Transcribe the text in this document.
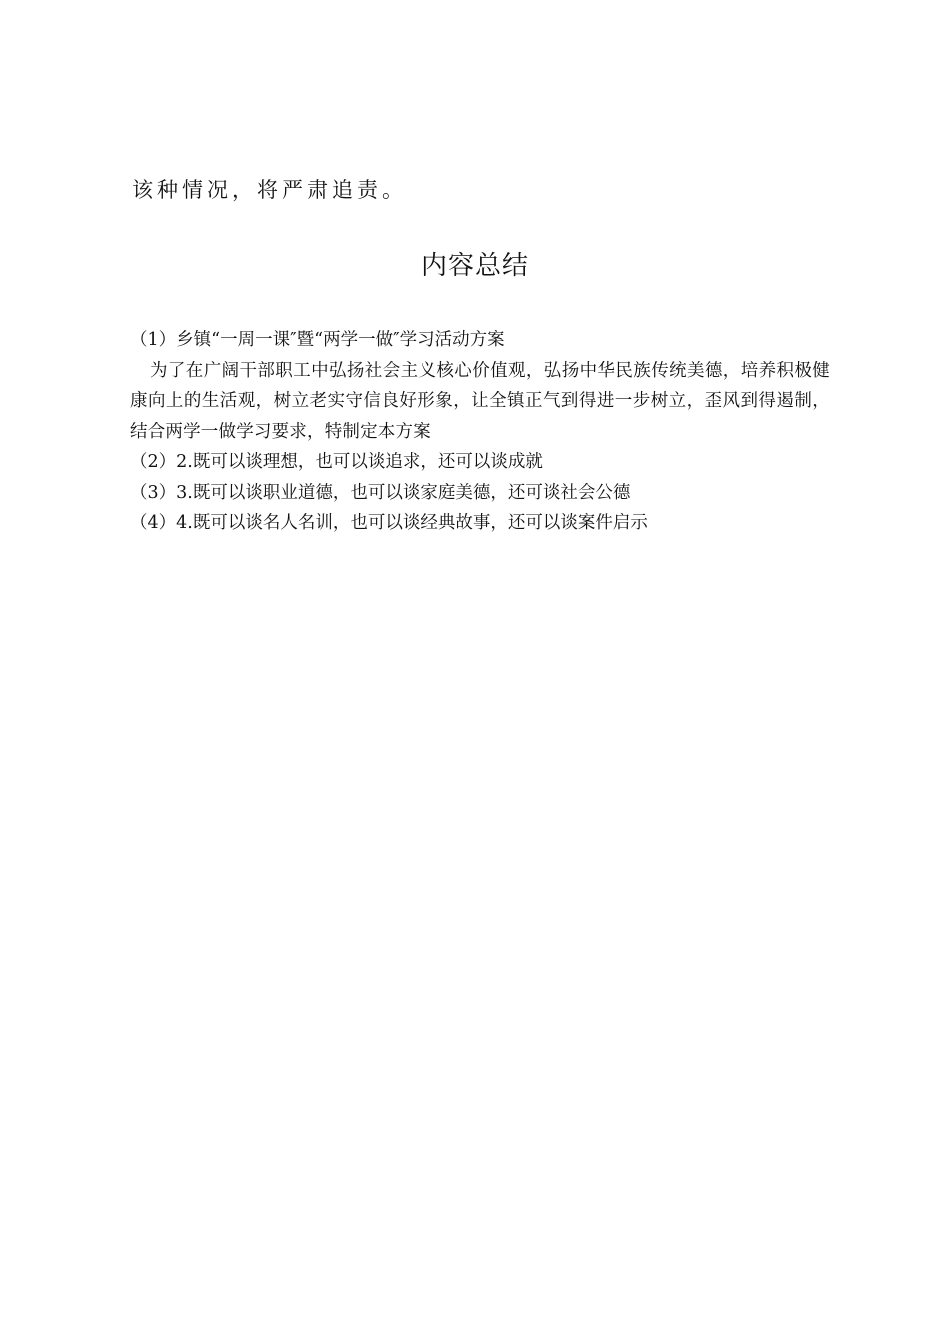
该种情况，将严肃追责。
内容总结

（1）乡镇“一周一课″暨“两学一做″学习活动方案

为了在广阔干部职工中弘扬社会主义核心价值观，弘扬中华民族传统美德，培养积极健康向上的生活观，树立老实守信良好形象，让全镇正气到得进一步树立，歪风到得遏制，结合两学一做学习要求，特制定本方案

（2）2.既可以谈理想，也可以谈追求，还可以谈成就

（3）3.既可以谈职业道德，也可以谈家庭美德，还可谈社会公德

（4）4.既可以谈名人名训，也可以谈经典故事，还可以谈案件启示
